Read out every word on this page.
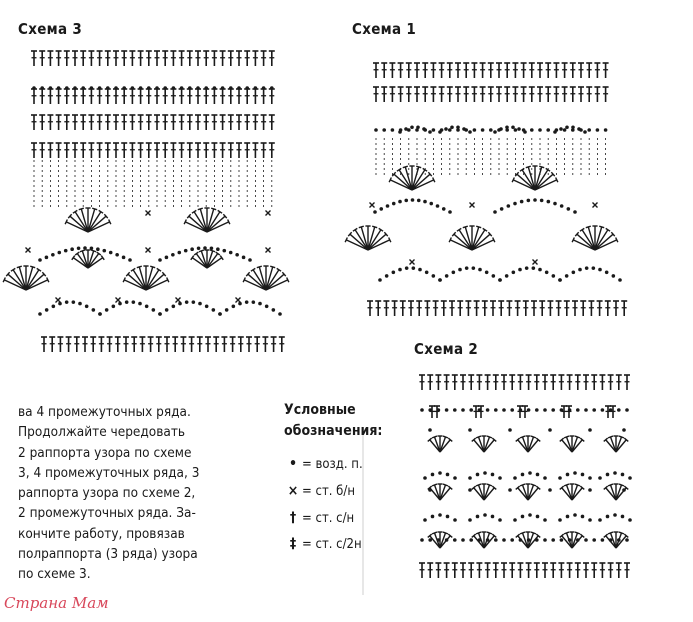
Схема 3	Схема 1
Схема 2
ва 4 промежуточных ряда.
Продолжайте чередовать
2 раппорта узора по схеме
3, 4 промежуточных ряда, 3
раппорта узора по схеме 2,
2 промежуточных ряда. За-
кончите работу, провязав
полраппорта (3 ряда) узора
по схеме 3.
Условные
обозначения:
• = возд. п.
× = ст. б/н
† = ст. с/н
‡ = ст. с/2н
Страна Мам
